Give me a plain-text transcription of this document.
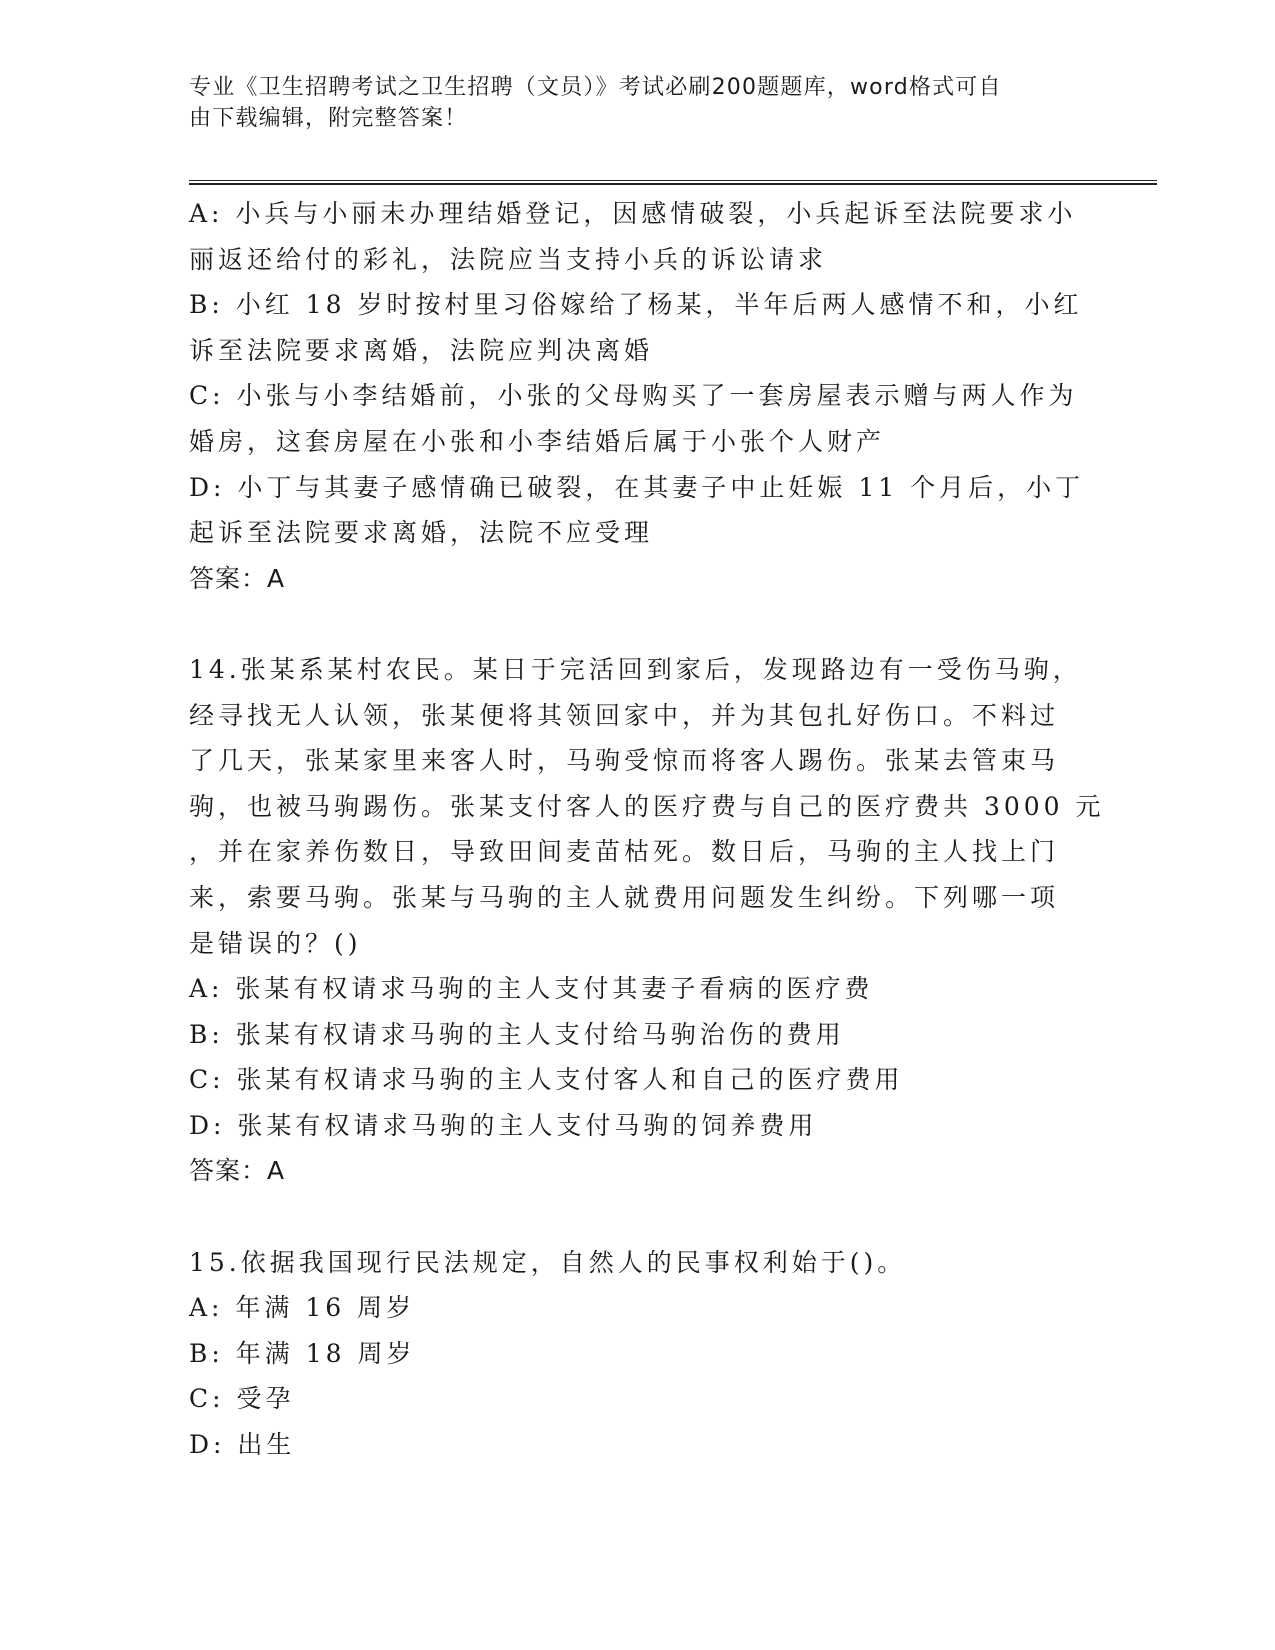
专业《卫生招聘考试之卫生招聘（文员）》考试必刷200题题库，word格式可自
由下载编辑，附完整答案！
A: 小兵与小丽未办理结婚登记，因感情破裂，小兵起诉至法院要求小
丽返还给付的彩礼，法院应当支持小兵的诉讼请求
B: 小红 18 岁时按村里习俗嫁给了杨某，半年后两人感情不和，小红
诉至法院要求离婚，法院应判决离婚
C: 小张与小李结婚前，小张的父母购买了一套房屋表示赠与两人作为
婚房，这套房屋在小张和小李结婚后属于小张个人财产
D: 小丁与其妻子感情确已破裂，在其妻子中止妊娠 11 个月后，小丁
起诉至法院要求离婚，法院不应受理
答案：A
14.张某系某村农民。某日于完活回到家后，发现路边有一受伤马驹，
经寻找无人认领，张某便将其领回家中，并为其包扎好伤口。不料过
了几天，张某家里来客人时，马驹受惊而将客人踢伤。张某去管束马
驹，也被马驹踢伤。张某支付客人的医疗费与自己的医疗费共 3000 元
，并在家养伤数日，导致田间麦苗枯死。数日后，马驹的主人找上门
来，索要马驹。张某与马驹的主人就费用问题发生纠纷。下列哪一项
是错误的？()
A: 张某有权请求马驹的主人支付其妻子看病的医疗费
B: 张某有权请求马驹的主人支付给马驹治伤的费用
C: 张某有权请求马驹的主人支付客人和自己的医疗费用
D: 张某有权请求马驹的主人支付马驹的饲养费用
答案：A
15.依据我国现行民法规定，自然人的民事权利始于()。
A: 年满 16 周岁
B: 年满 18 周岁
C: 受孕
D: 出生
